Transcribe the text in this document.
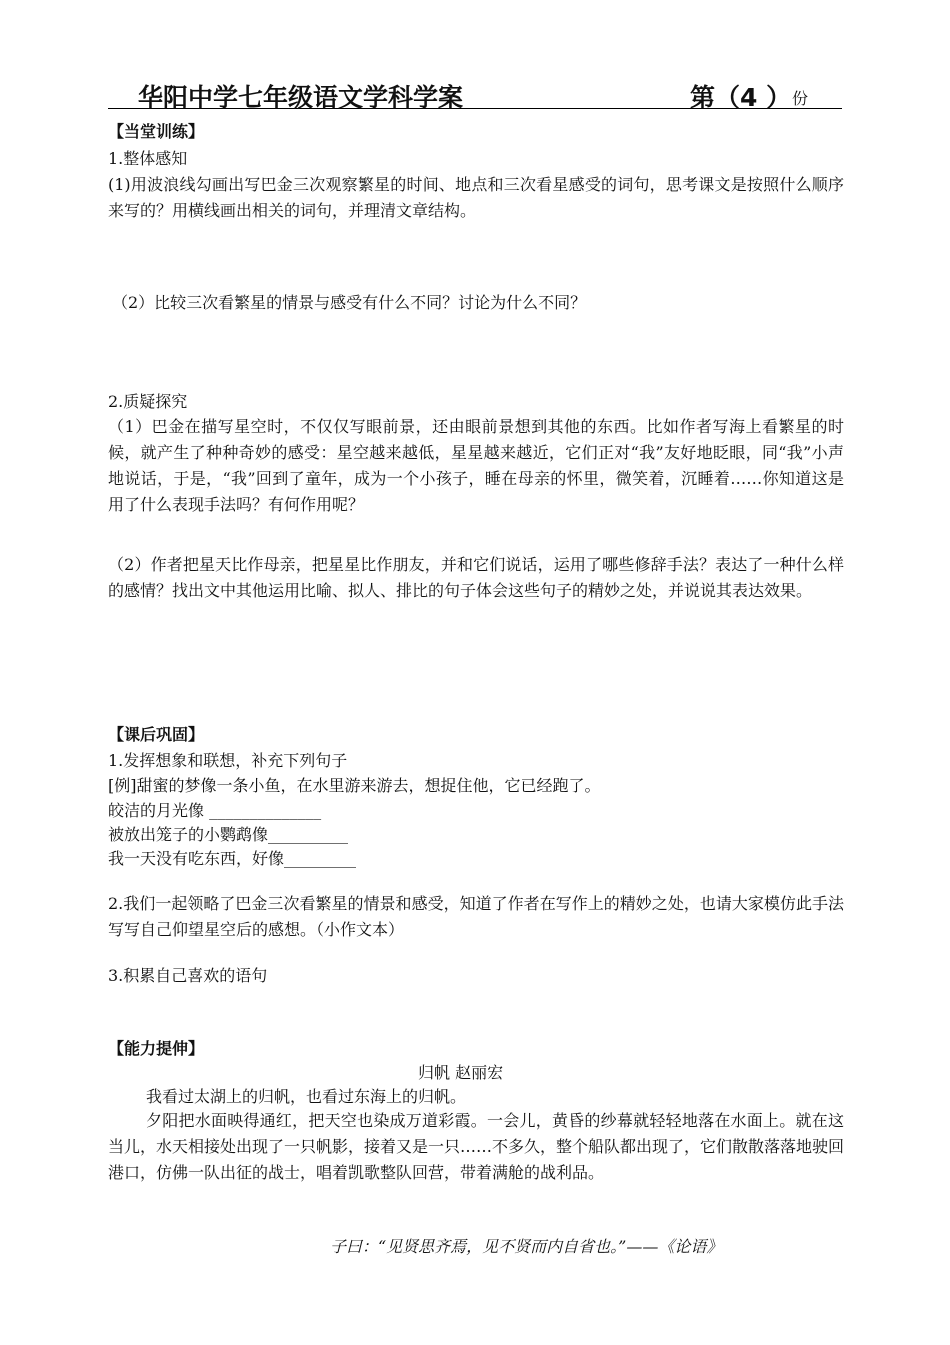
华阳中学七年级语文学科学案	第（4 ） 份
【当堂训练】
1.整体感知
(1)用波浪线勾画出写巴金三次观察繁星的时间、地点和三次看星感受的词句，思考课文是按照什么顺序来写的？用横线画出相关的词句，并理清文章结构。
（2）比较三次看繁星的情景与感受有什么不同？讨论为什么不同？
2.质疑探究
（1）巴金在描写星空时，不仅仅写眼前景，还由眼前景想到其他的东西。比如作者写海上看繁星的时候，就产生了种种奇妙的感受：星空越来越低，星星越来越近，它们正对“我”友好地眨眼，同“我”小声地说话，于是，“我”回到了童年，成为一个小孩子，睡在母亲的怀里，微笑着，沉睡着……你知道这是用了什么表现手法吗？有何作用呢？
（2）作者把星天比作母亲，把星星比作朋友，并和它们说话，运用了哪些修辞手法？表达了一种什么样的感情？找出文中其他运用比喻、拟人、排比的句子体会这些句子的精妙之处，并说说其表达效果。
【课后巩固】
1.发挥想象和联想，补充下列句子
[例]甜蜜的梦像一条小鱼，在水里游来游去，想捉住他，它已经跑了。
皎洁的月光像 ______________
被放出笼子的小鹦鹉像__________
我一天没有吃东西，好像_________
2.我们一起领略了巴金三次看繁星的情景和感受，知道了作者在写作上的精妙之处，也请大家模仿此手法写写自己仰望星空后的感想。（小作文本）
3.积累自己喜欢的语句
【能力提伸】
归帆 赵丽宏
我看过太湖上的归帆，也看过东海上的归帆。
夕阳把水面映得通红，把天空也染成万道彩霞。一会儿，黄昏的纱幕就轻轻地落在水面上。就在这当儿，水天相接处出现了一只帆影，接着又是一只……不多久，整个船队都出现了，它们散散落落地驶回港口，仿佛一队出征的战士，唱着凯歌整队回营，带着满舱的战利品。
子曰：“见贤思齐焉，见不贤而内自省也。”——《论语》
